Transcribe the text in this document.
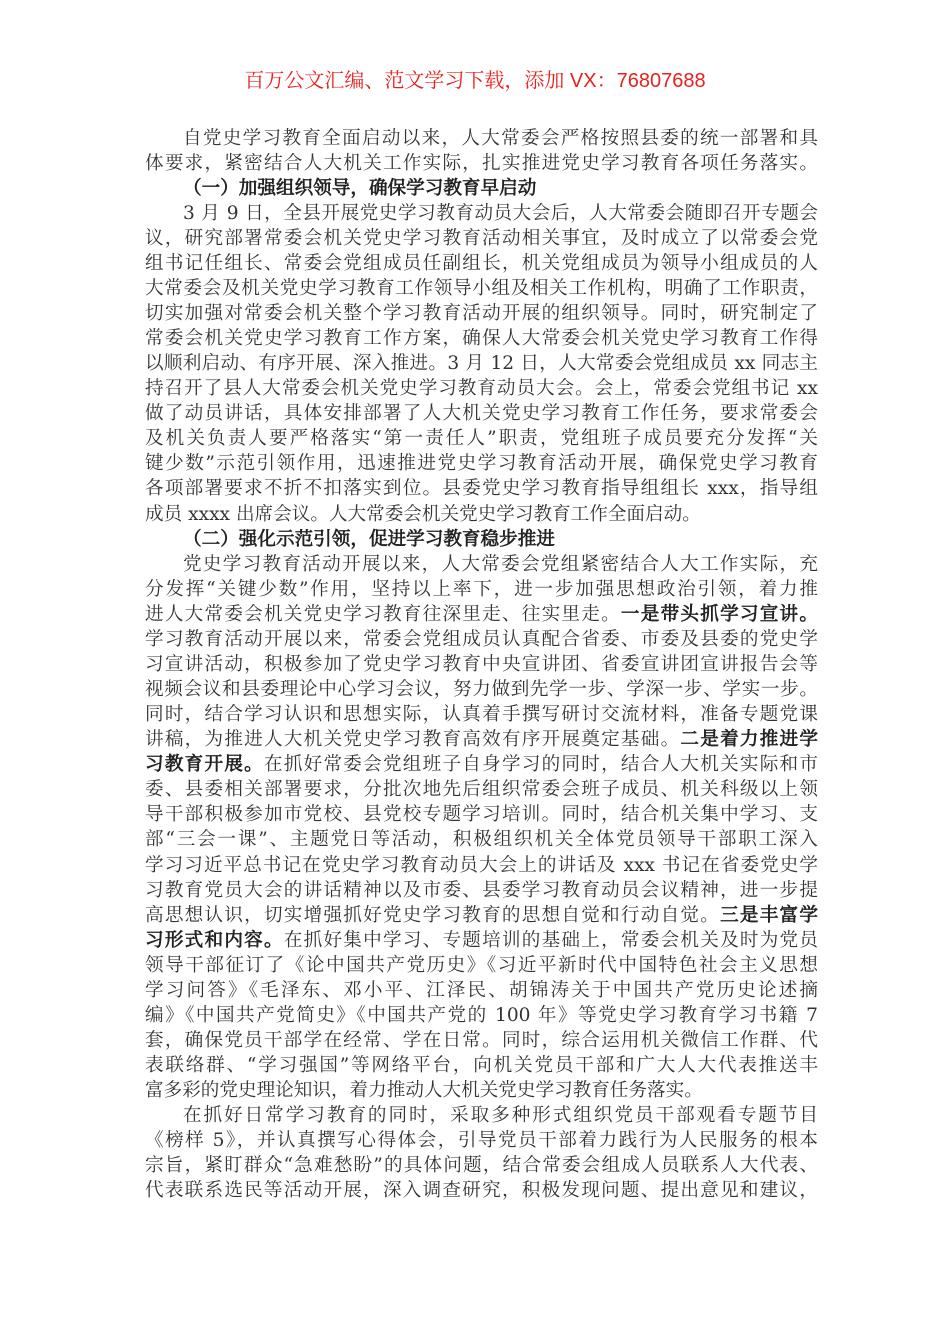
百万公文汇编、范文学习下载，添加 VX：76807688
自党史学习教育全面启动以来，人大常委会严格按照县委的统一部署和具
体要求，紧密结合人大机关工作实际，扎实推进党史学习教育各项任务落实。
（一）加强组织领导，确保学习教育早启动
3 月 9 日，全县开展党史学习教育动员大会后，人大常委会随即召开专题会
议，研究部署常委会机关党史学习教育活动相关事宜，及时成立了以常委会党
组书记任组长、常委会党组成员任副组长，机关党组成员为领导小组成员的人
大常委会及机关党史学习教育工作领导小组及相关工作机构，明确了工作职责，
切实加强对常委会机关整个学习教育活动开展的组织领导。同时，研究制定了
常委会机关党史学习教育工作方案，确保人大常委会机关党史学习教育工作得
以顺利启动、有序开展、深入推进。3 月 12 日，人大常委会党组成员 xx 同志主
持召开了县人大常委会机关党史学习教育动员大会。会上，常委会党组书记 xx
做了动员讲话，具体安排部署了人大机关党史学习教育工作任务，要求常委会
及机关负责人要严格落实“第一责任人”职责，党组班子成员要充分发挥“关
键少数”示范引领作用，迅速推进党史学习教育活动开展，确保党史学习教育
各项部署要求不折不扣落实到位。县委党史学习教育指导组组长 xxx，指导组
成员 xxxx 出席会议。人大常委会机关党史学习教育工作全面启动。
（二）强化示范引领，促进学习教育稳步推进
党史学习教育活动开展以来，人大常委会党组紧密结合人大工作实际，充
分发挥“关键少数”作用，坚持以上率下，进一步加强思想政治引领，着力推
进人大常委会机关党史学习教育往深里走、往实里走。一是带头抓学习宣讲。
学习教育活动开展以来，常委会党组成员认真配合省委、市委及县委的党史学
习宣讲活动，积极参加了党史学习教育中央宣讲团、省委宣讲团宣讲报告会等
视频会议和县委理论中心学习会议，努力做到先学一步、学深一步、学实一步。
同时，结合学习认识和思想实际，认真着手撰写研讨交流材料，准备专题党课
讲稿，为推进人大机关党史学习教育高效有序开展奠定基础。二是着力推进学
习教育开展。在抓好常委会党组班子自身学习的同时，结合人大机关实际和市
委、县委相关部署要求，分批次地先后组织常委会班子成员、机关科级以上领
导干部积极参加市党校、县党校专题学习培训。同时，结合机关集中学习、支
部“三会一课”、主题党日等活动，积极组织机关全体党员领导干部职工深入
学习习近平总书记在党史学习教育动员大会上的讲话及 xxx 书记在省委党史学
习教育党员大会的讲话精神以及市委、县委学习教育动员会议精神，进一步提
高思想认识，切实增强抓好党史学习教育的思想自觉和行动自觉。三是丰富学
习形式和内容。在抓好集中学习、专题培训的基础上，常委会机关及时为党员
领导干部征订了《论中国共产党历史》《习近平新时代中国特色社会主义思想
学习问答》《毛泽东、邓小平、江泽民、胡锦涛关于中国共产党历史论述摘
编》《中国共产党简史》《中国共产党的 100 年》等党史学习教育学习书籍 7
套，确保党员干部学在经常、学在日常。同时，综合运用机关微信工作群、代
表联络群、“学习强国”等网络平台，向机关党员干部和广大人大代表推送丰
富多彩的党史理论知识，着力推动人大机关党史学习教育任务落实。
在抓好日常学习教育的同时，采取多种形式组织党员干部观看专题节目
《榜样 5》，并认真撰写心得体会，引导党员干部着力践行为人民服务的根本
宗旨，紧盯群众“急难愁盼”的具体问题，结合常委会组成人员联系人大代表、
代表联系选民等活动开展，深入调查研究，积极发现问题、提出意见和建议，
